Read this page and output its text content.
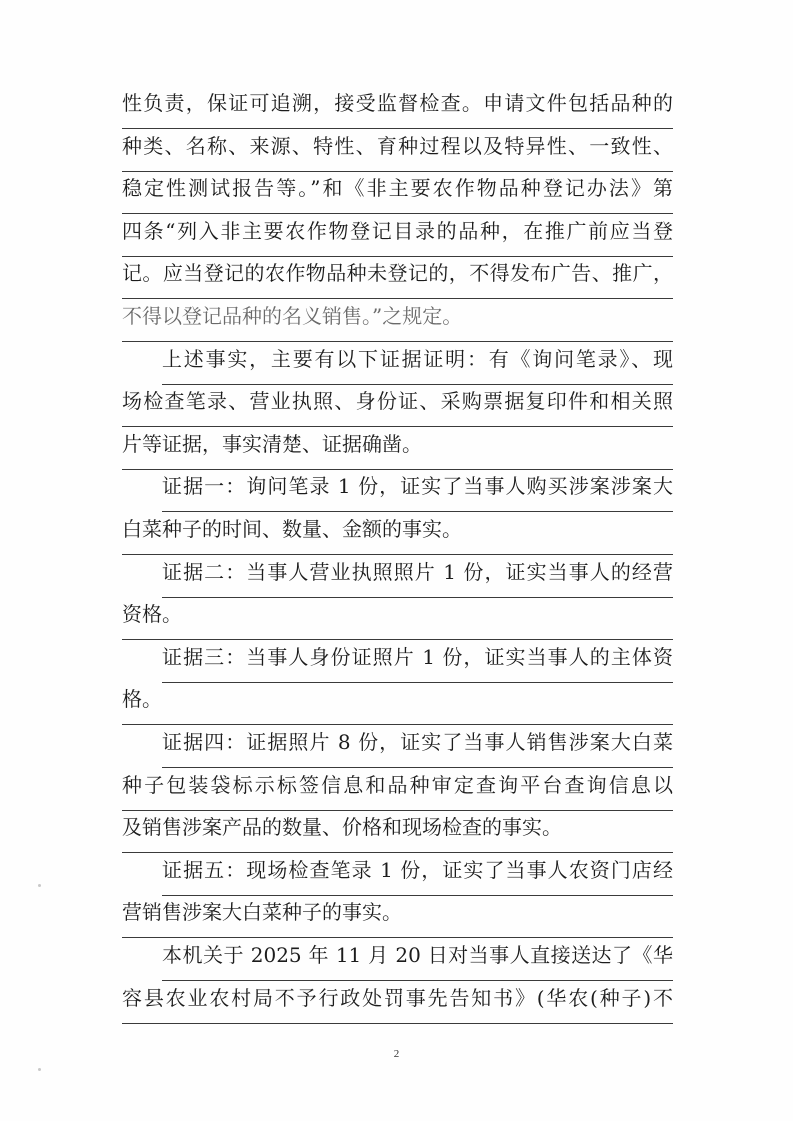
性负责，保证可追溯，接受监督检查。申请文件包括品种的
种类、名称、来源、特性、育种过程以及特异性、一致性、
稳定性测试报告等。”和《非主要农作物品种登记办法》第
四条“列入非主要农作物登记目录的品种，在推广前应当登
记。应当登记的农作物品种未登记的，不得发布广告、推广，
不得以登记品种的名义销售。”之规定。
上述事实，主要有以下证据证明：有《询问笔录》、现
场检查笔录、营业执照、身份证、采购票据复印件和相关照
片等证据，事实清楚、证据确凿。
证据一：询问笔录 1 份，证实了当事人购买涉案涉案大
白菜种子的时间、数量、金额的事实。
证据二：当事人营业执照照片 1 份，证实当事人的经营
资格。
证据三：当事人身份证照片 1 份，证实当事人的主体资
格。
证据四：证据照片 8 份，证实了当事人销售涉案大白菜
种子包装袋标示标签信息和品种审定查询平台查询信息以
及销售涉案产品的数量、价格和现场检查的事实。
证据五：现场检查笔录 1 份，证实了当事人农资门店经
营销售涉案大白菜种子的事实。
本机关于 2025 年 11 月 20 日对当事人直接送达了《华
容县农业农村局不予行政处罚事先告知书》(华农(种子)不
2
